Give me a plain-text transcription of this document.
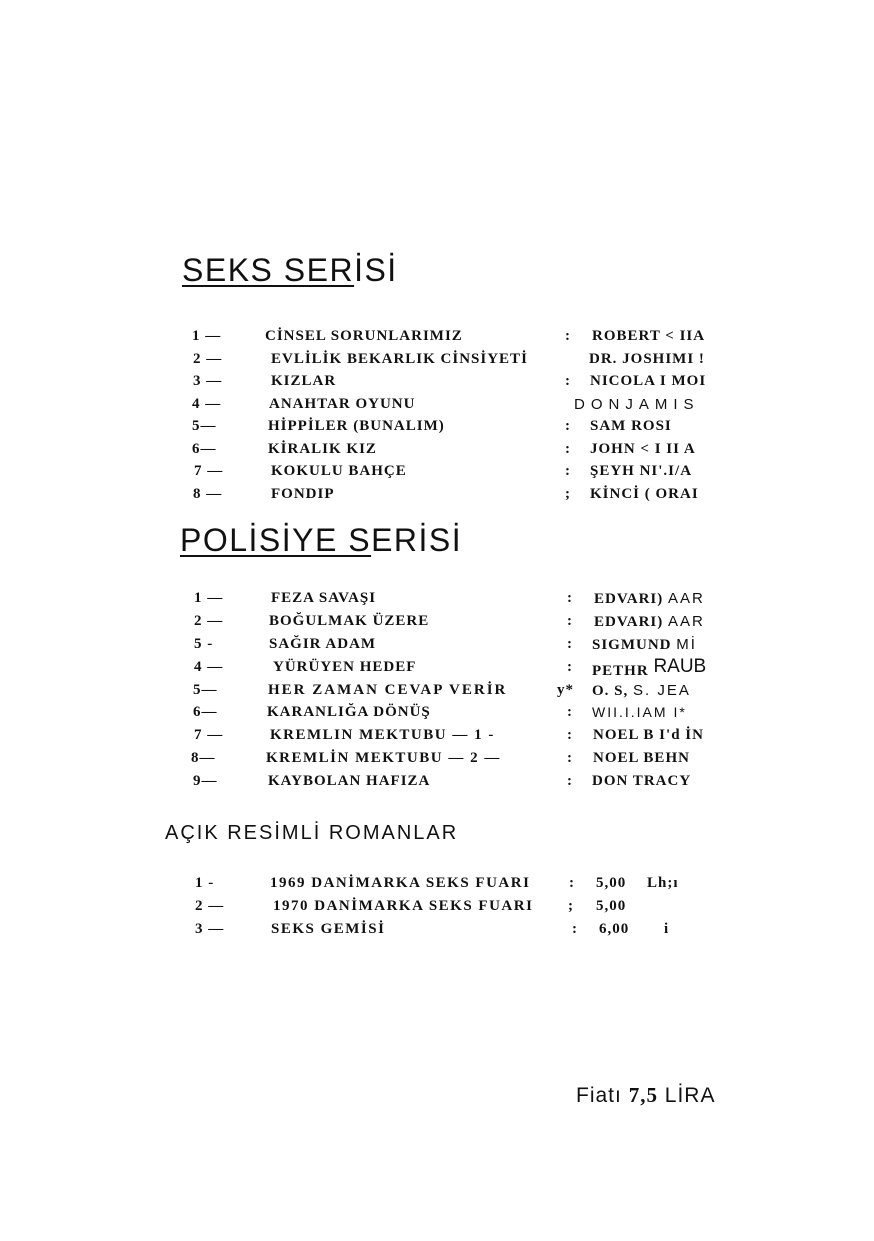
SEKS SERİSİ
1 —	CİNSEL SORUNLARIMIZ	: ROBERT < IIA
2 —	EVLİLİK BEKARLIK CİNSİYETİ	DR. JOSHIMI !
3 —	KIZLAR	: NICOLA I MOI
4 —	ANAHTAR OYUNU	DONJAMIS
5—	HİPPİLER (BUNALIM)	: SAM ROSI
6—	KİRALIK KIZ	: JOHN < I II A
7 —	KOKULU BAHÇE	: ŞEYH NI'.I/A
8 —	FONDIP	; KİNCİ ( ORAI
POLİSİYE SERİSİ
1 —	FEZA SAVAŞI	: EDVARI) AAR
2 —	BOĞULMAK ÜZERE	: EDVARI) AAR
5 -	SAĞIR ADAM	: SIGMUND Mİ
4 —	YÜRÜYEN HEDEF	: PETHR RAUB
5—	HER ZAMAN CEVAP VERİR	y* O. S, S. JEA
6—	KARANLIĞA DÖNÜŞ	: WII.I.IAM I*
7 —	KREMLIN MEKTUBU — 1 -	: NOEL B I'd İN
8—	KREMLİN MEKTUBU — 2 —	: NOEL BEHN
9—	KAYBOLAN HAFIZA	: DON TRACY
AÇIK RESİMLİ ROMANLAR
1 -	1969 DANİMARKA SEKS FUARI	: 5,00 Lh;ı
2 —	1970 DANİMARKA SEKS FUARI ; 5,00
3 —	SEKS GEMİSİ	: 6,00 i
Fiatı 7,5 LİRA
